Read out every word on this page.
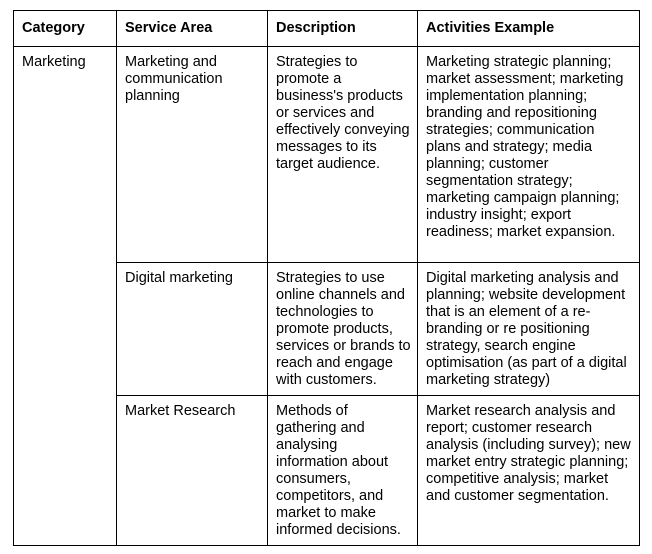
Category	Service Area	Description	Activities Example
Marketing	Marketing and communication planning	Strategies to promote a business's products or services and effectively conveying messages to its target audience.	Marketing strategic planning; market assessment; marketing implementation planning; branding and repositioning strategies; communication plans and strategy; media planning; customer segmentation strategy; marketing campaign planning; industry insight; export readiness; market expansion.
	Digital marketing	Strategies to use online channels and technologies to promote products, services or brands to reach and engage with customers.	Digital marketing analysis and planning; website development that is an element of a re-branding or re positioning strategy, search engine optimisation (as part of a digital marketing strategy)
	Market Research	Methods of gathering and analysing information about consumers, competitors, and market to make informed decisions.	Market research analysis and report; customer research analysis (including survey); new market entry strategic planning; competitive analysis; market and customer segmentation.
